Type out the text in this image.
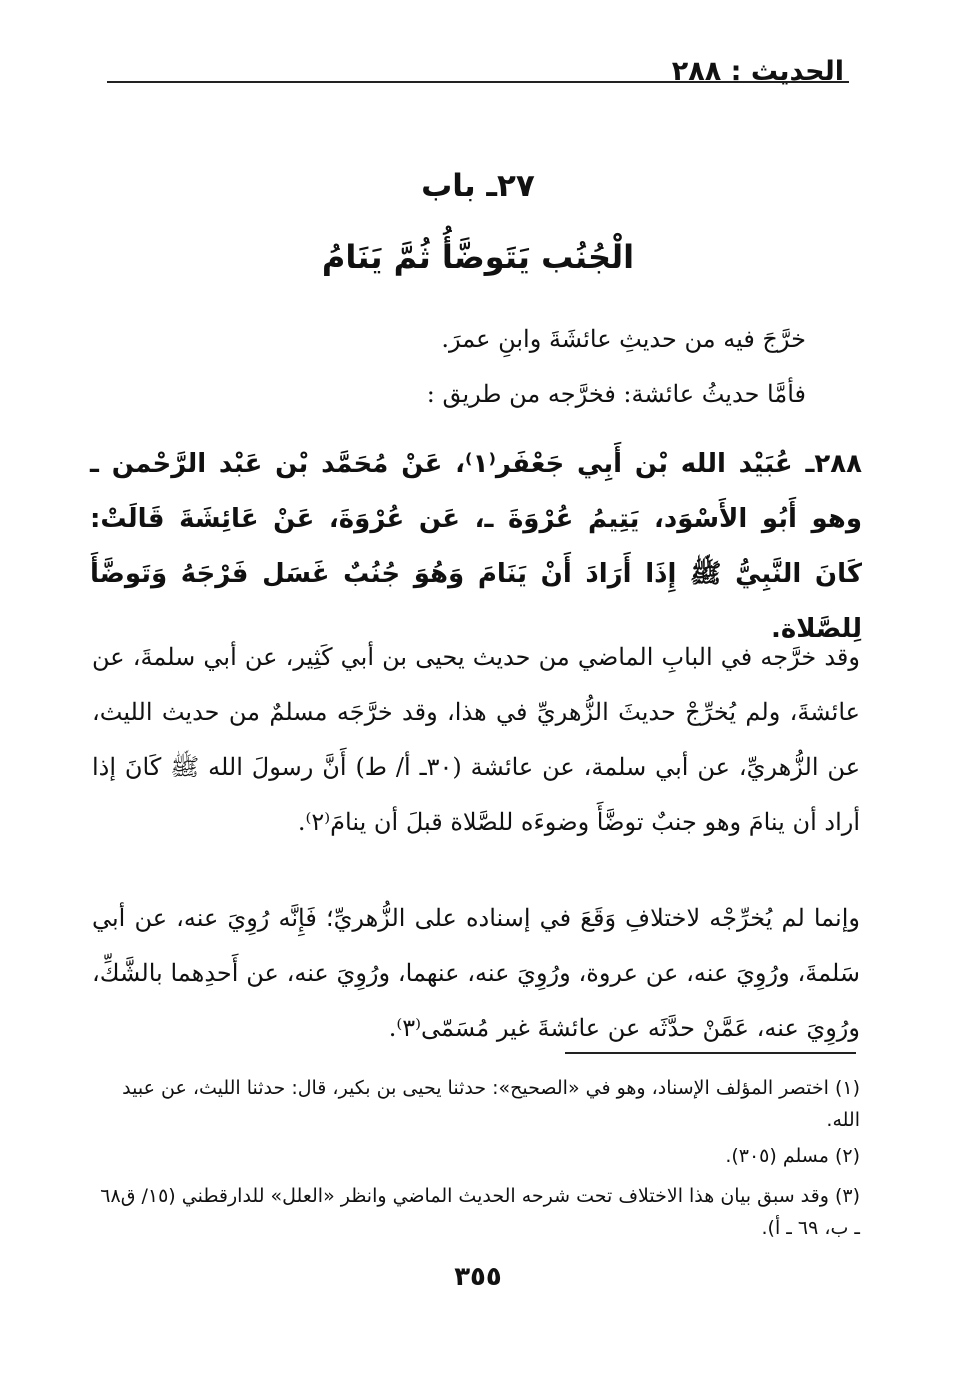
الحديث : ٢٨٨
٢٧ـ باب
الْجُنُب يَتَوضَّأُ ثُمَّ يَنَامُ

خرَّجَ فيه من حديثِ عائشَةَ وابنِ عمرَ.

فأمَّا حديثُ عائشة: فخرَّجه من طريق :

٢٨٨ـ عُبَيْد الله بْن أَبِي جَعْفَر⁽١⁾، عَنْ مُحَمَّد بْن عَبْد الرَّحْمن ـ وهو أَبُو الأَسْوَد، يَتِيمُ عُرْوَةَ ـ، عَن عُرْوَةَ، عَنْ عَائِشَةَ قَالَتْ: كَانَ النَّبِيُّ ﷺ إِذَا أَرَادَ أَنْ يَنَامَ وَهُوَ جُنُبٌ غَسَل فَرْجَهُ وَتَوضَّأَ لِلصَّلاة.

وقد خرَّجه في البابِ الماضي من حديث يحيى بن أبي كَثِير، عن أبي سلمةَ، عن عائشةَ، ولم يُخرِّجْ حديثَ الزُّهريِّ في هذا، وقد خرَّجَه مسلمٌ من حديث الليث، عن الزُّهريِّ، عن أبي سلمة، عن عائشة (٣٠ـ أ/ ط) أَنَّ رسولَ الله ﷺ كَانَ إذا أراد أن ينامَ وهو جنبٌ توضَّأَ وضوءَه للصَّلاة قبلَ أن ينامَ⁽٢⁾.

وإنما لم يُخرِّجْه لاختلافِ وَقَعَ في إسناده على الزُّهريِّ؛ فَإِنَّه رُوِيَ عنه، عن أبي سَلمةَ، ورُوِيَ عنه، عن عروة، ورُوِيَ عنه، عنهما، ورُوِيَ عنه، عن أَحدِهما بالشَّكِّ، ورُوِيَ عنه، عَمَّنْ حدَّثَه عن عائشةَ غير مُسَمّى⁽٣⁾.

(١) اختصر المؤلف الإسناد، وهو في «الصحيح»: حدثنا يحيى بن بكير، قال: حدثنا الليث، عن عبيد الله.

(٢) مسلم (٣٠٥).

(٣) وقد سبق بيان هذا الاختلاف تحت شرحه الحديث الماضي وانظر «العلل» للدارقطني (١٥/ ق٦٨ ـ ب، ٦٩ ـ أ).

٣٥٥
